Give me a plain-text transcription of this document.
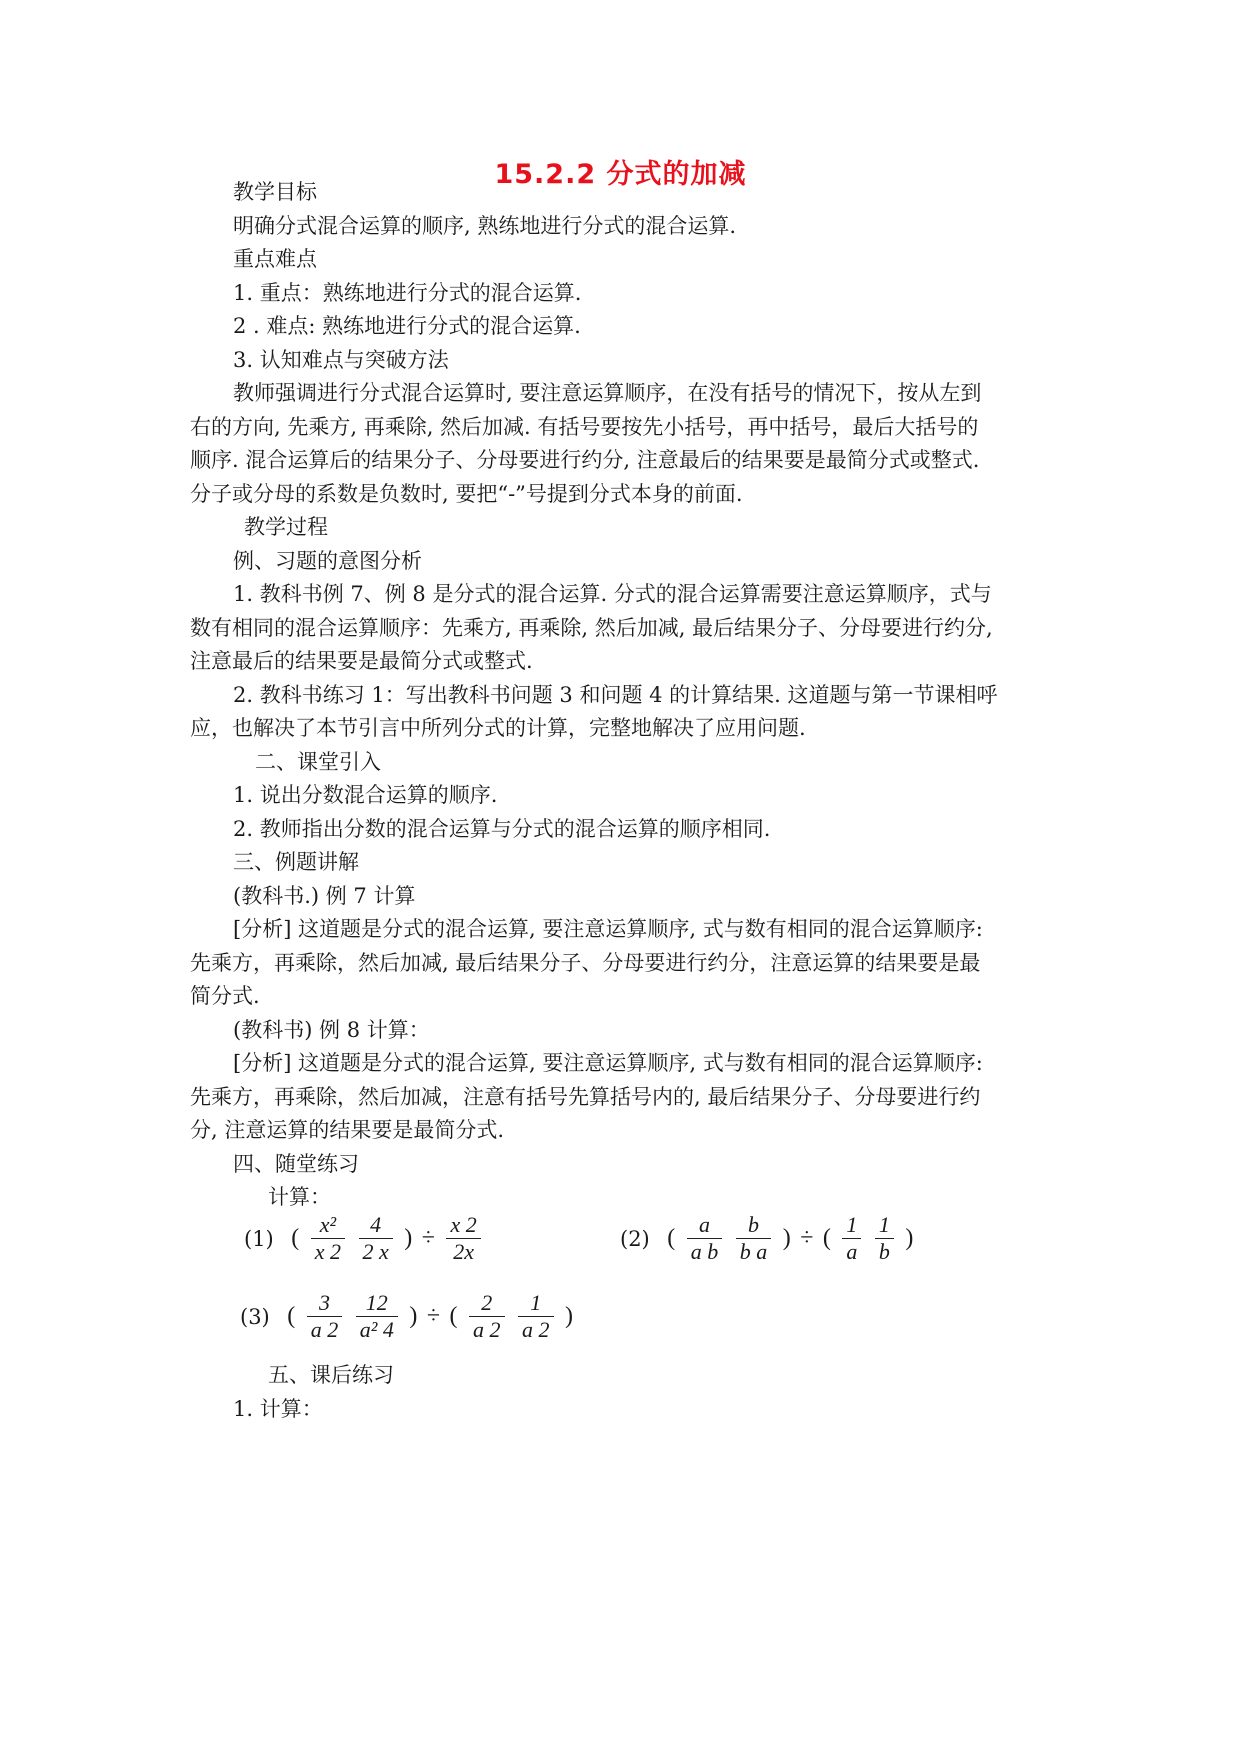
15.2.2 分式的加减
教学目标
明确分式混合运算的顺序, 熟练地进行分式的混合运算.
重点难点
1. 重点：熟练地进行分式的混合运算.
2 . 难点: 熟练地进行分式的混合运算.
3. 认知难点与突破方法
教师强调进行分式混合运算时, 要注意运算顺序，在没有括号的情况下，按从左到
右的方向, 先乘方, 再乘除, 然后加减. 有括号要按先小括号，再中括号，最后大括号的
顺序. 混合运算后的结果分子、分母要进行约分, 注意最后的结果要是最简分式或整式.
分子或分母的系数是负数时, 要把“-”号提到分式本身的前面.
教学过程
例、习题的意图分析
1. 教科书例 7、例 8 是分式的混合运算. 分式的混合运算需要注意运算顺序，式与
数有相同的混合运算顺序：先乘方, 再乘除, 然后加减, 最后结果分子、分母要进行约分,
注意最后的结果要是最简分式或整式.
2. 教科书练习 1：写出教科书问题 3 和问题 4 的计算结果. 这道题与第一节课相呼
应，也解决了本节引言中所列分式的计算，完整地解决了应用问题.
二、课堂引入
1. 说出分数混合运算的顺序.
2. 教师指出分数的混合运算与分式的混合运算的顺序相同.
三、例题讲解
(教科书.) 例 7 计算
[分析] 这道题是分式的混合运算, 要注意运算顺序, 式与数有相同的混合运算顺序:
先乘方，再乘除，然后加减, 最后结果分子、分母要进行约分，注意运算的结果要是最
简分式.
(教科书) 例 8 计算：
[分析] 这道题是分式的混合运算, 要注意运算顺序, 式与数有相同的混合运算顺序:
先乘方，再乘除，然后加减，注意有括号先算括号内的, 最后结果分子、分母要进行约
分, 注意运算的结果要是最简分式.
四、随堂练习
计算：
(1) ( $\frac{\text{x²}}{x 2}$
$\frac{4}{2 x}$ ) ÷ $\frac{x 2}{2x}$	(2) ( $\frac{a}{\text{a b}}$
$\frac{b}{\text{b a}}$ ) ÷ ( $\frac{1}{a}$
$\frac{1}{b}$ )
(3) ( $\frac{3}{a 2}$
$\frac{12}{\text{a² 4}}$ ) ÷ ( $\frac{2}{a 2}$
$\frac{1}{a 2}$ )
五、课后练习
1. 计算：
